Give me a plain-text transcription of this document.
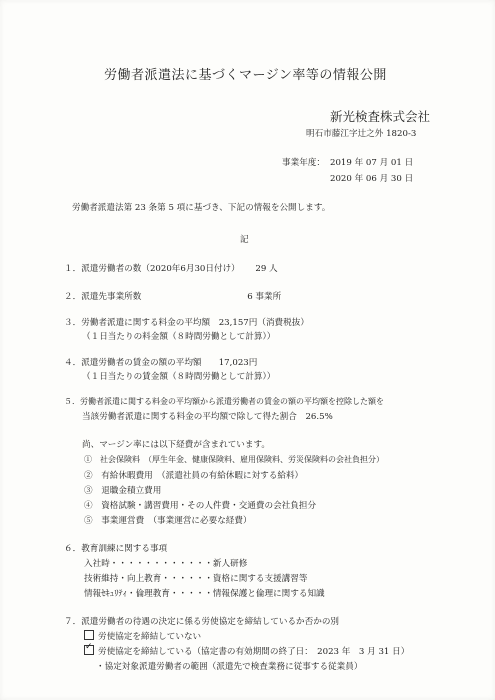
労働者派遣法に基づくマージン率等の情報公開
新光検査株式会社
明石市藤江字辻之外 1820-3
事業年度： 2019 年 07 月 01 日
2020 年 06 月 30 日
労働者派遣法第 23 条第 5 項に基づき、下記の情報を公開します。
記
１．派遣労働者の数（2020年6月30日付け）　　 29 人
２．派遣先事業所数　　　　　　　　　　　　 6 事業所
３．労働者派遣に関する料金の平均額　23,157円（消費税抜）
（１日当たりの料金額（８時間労働として計算））
４．派遣労働者の賃金の額の平均額　　17,023円
（１日当たりの賃金額（８時間労働として計算））
５．労働者派遣に関する料金の平均額から派遣労働者の賃金の額の平均額を控除した額を
当該労働者派遣に関する料金の平均額で除して得た割合　26.5%
尚、マージン率には以下経費が含まれています。
①　社会保険料　（厚生年金、健康保険料、雇用保険料、労災保険料の会社負担分）
②　有給休暇費用　（派遣社員の有給休暇に対する給料）
③　退職金積立費用
④　資格試験・講習費用・その人件費・交通費の会社負担分
⑤　事業運営費　（事業運営に必要な経費）
６．教育訓練に関する事項
入社時・・・・・・・・・・・・新人研修
技術維持・向上教育・・・・・・資格に関する支援講習等
情報ｾｷｭﾘﾃｨ・倫理教育・・・・・情報保護と倫理に関する知識
７．派遣労働者の待遇の決定に係る労使協定を締結しているか否かの別
労使協定を締結していない
✓労使協定を締結している（協定書の有効期間の終了日：　2023 年　3 月 31 日）
・協定対象派遣労働者の範囲（派遣先で検査業務に従事する従業員）
